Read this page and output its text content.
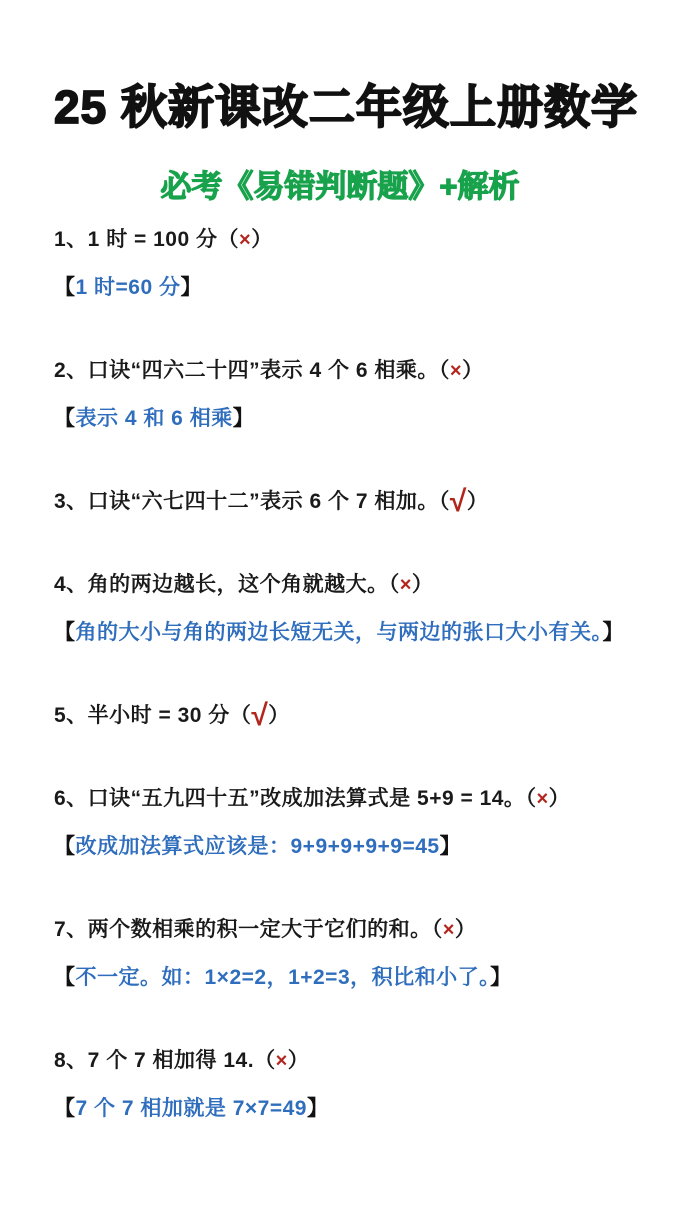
25 秋新课改二年级上册数学
必考《易错判断题》+解析

1、1 时 = 100 分（×）

【1 时=60 分】

2、口诀“四六二十四”表示 4 个 6 相乘。（×）

【表示 4 和 6 相乘】

3、口诀“六七四十二”表示 6 个 7 相加。（√）

4、角的两边越长，这个角就越大。（×）

【角的大小与角的两边长短无关，与两边的张口大小有关。】

5、半小时 = 30 分（√）

6、口诀“五九四十五”改成加法算式是 5+9 = 14。（×）

【改成加法算式应该是：9+9+9+9+9=45】

7、两个数相乘的积一定大于它们的和。（×）

【不一定。如：1×2=2，1+2=3，积比和小了。】

8、7 个 7 相加得 14.（×）

【7 个 7 相加就是 7×7=49】
